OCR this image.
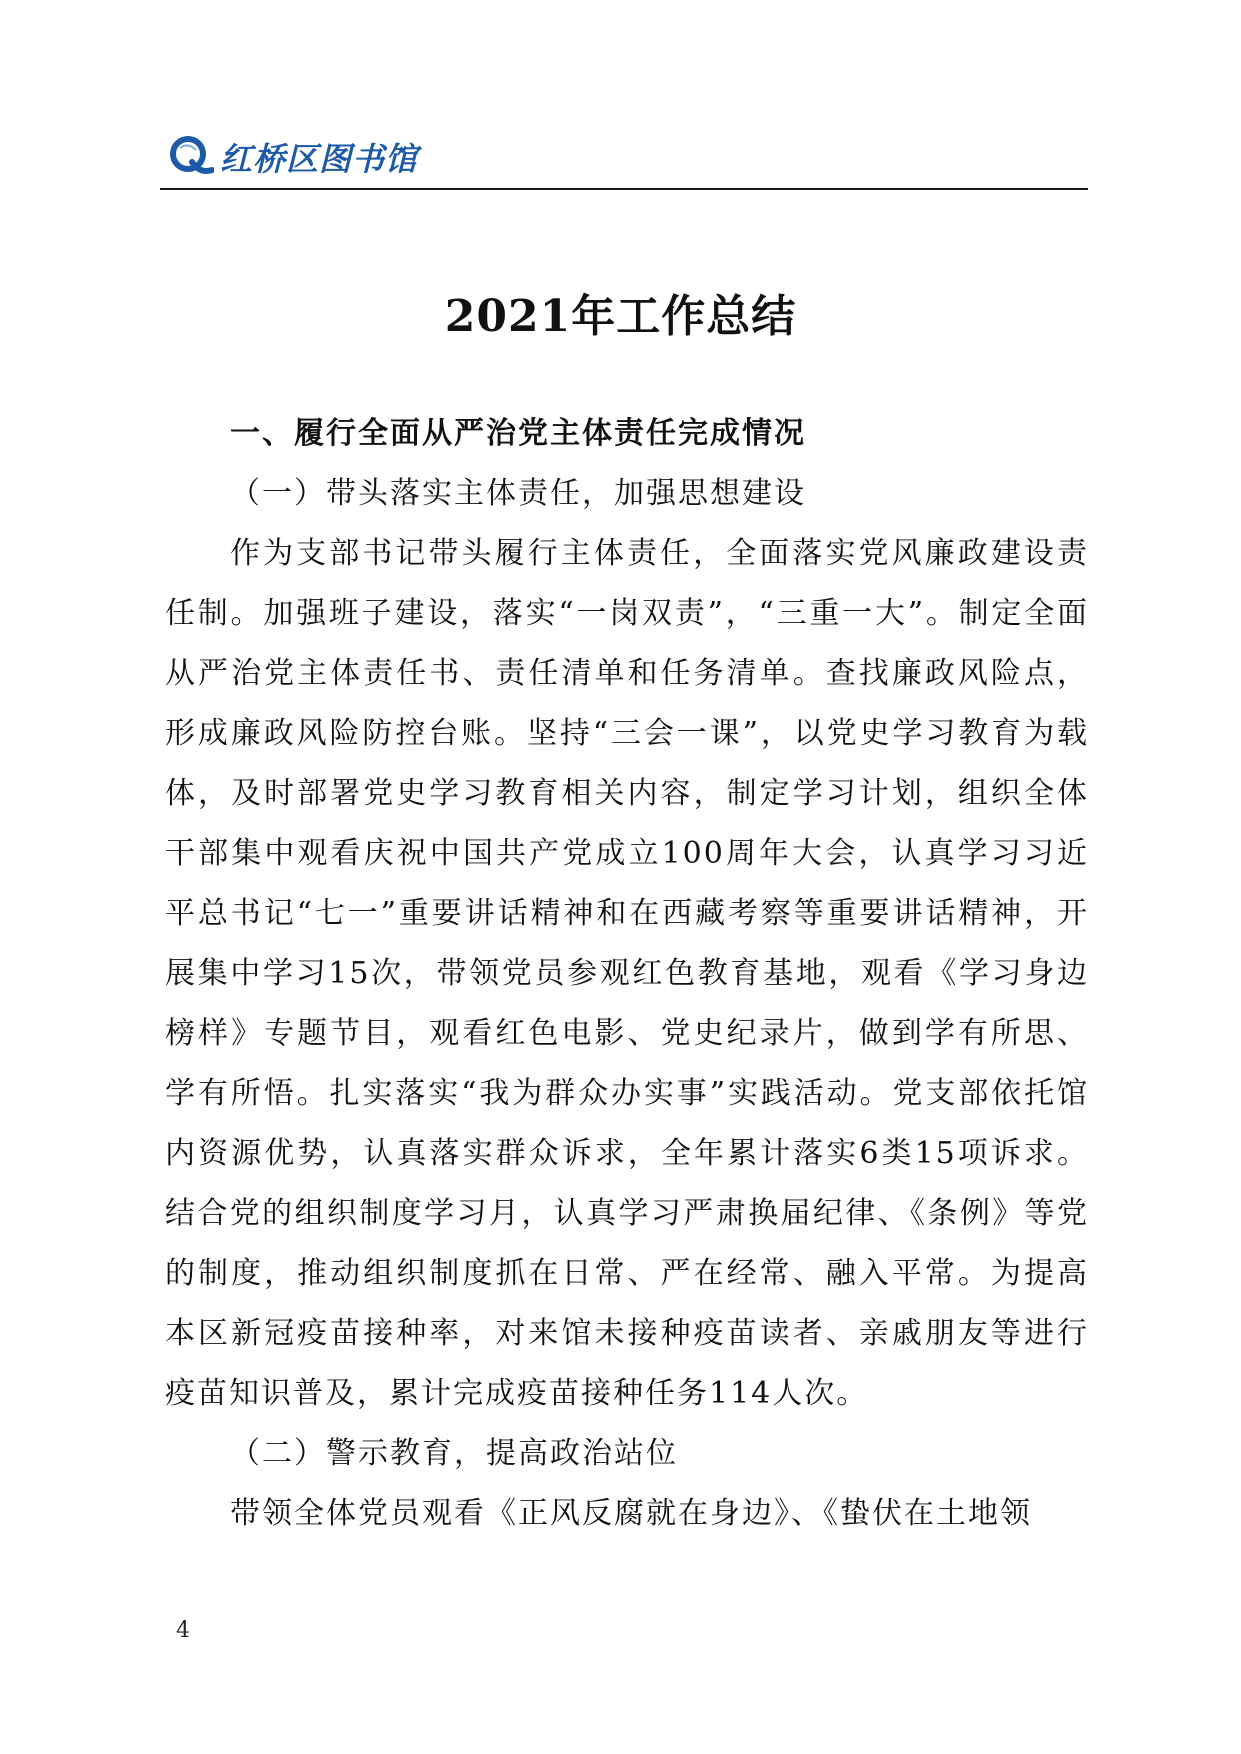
红桥区图书馆
2021年工作总结
一、履行全面从严治党主体责任完成情况
（一）带头落实主体责任，加强思想建设

作为支部书记带头履行主体责任，全面落实党风廉政建设责任制。加强班子建设，落实“一岗双责”，“三重一大”。制定全面从严治党主体责任书、责任清单和任务清单。查找廉政风险点，形成廉政风险防控台账。坚持“三会一课”，以党史学习教育为载体，及时部署党史学习教育相关内容，制定学习计划，组织全体干部集中观看庆祝中国共产党成立100周年大会，认真学习习近平总书记“七一”重要讲话精神和在西藏考察等重要讲话精神，开展集中学习15次，带领党员参观红色教育基地，观看《学习身边榜样》专题节目，观看红色电影、党史纪录片，做到学有所思、学有所悟。扎实落实“我为群众办实事”实践活动。党支部依托馆内资源优势，认真落实群众诉求，全年累计落实6类15项诉求。结合党的组织制度学习月，认真学习严肃换届纪律、《条例》等党的制度，推动组织制度抓在日常、严在经常、融入平常。为提高本区新冠疫苗接种率，对来馆未接种疫苗读者、亲戚朋友等进行疫苗知识普及，累计完成疫苗接种任务114人次。

（二）警示教育，提高政治站位

带领全体党员观看《正风反腐就在身边》、《蛰伏在土地领

4
